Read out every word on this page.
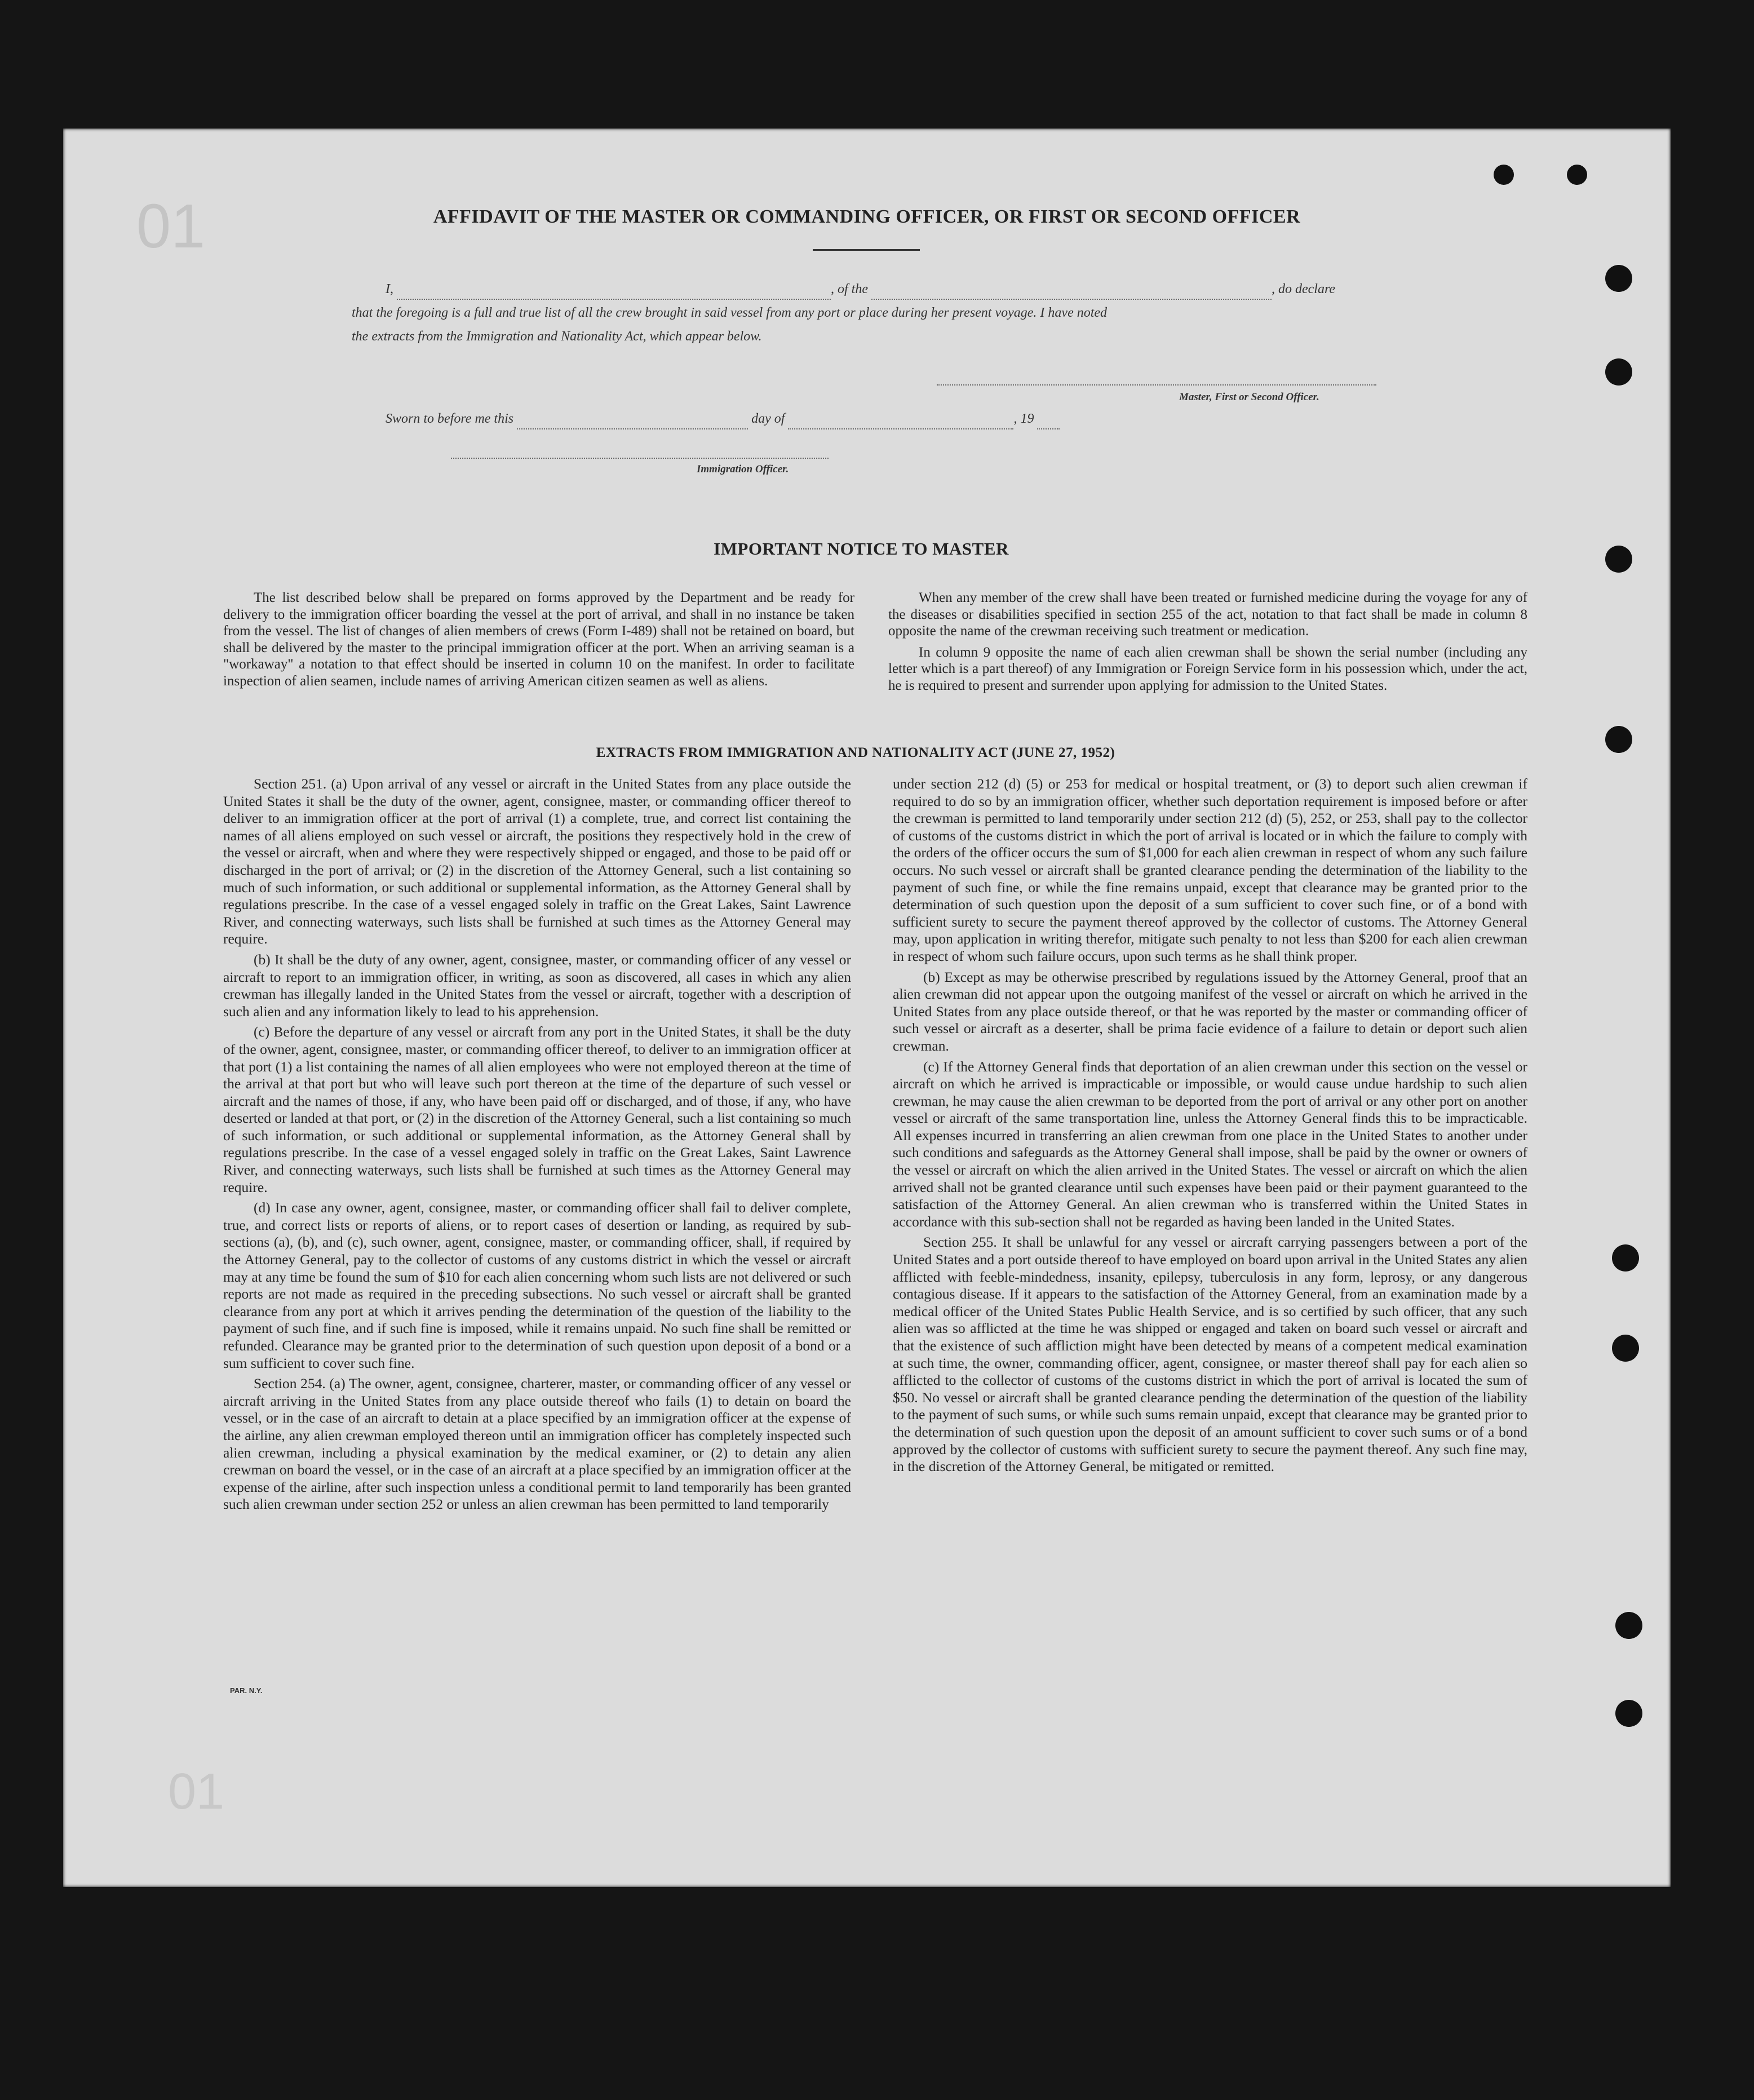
01
01
AFFIDAVIT OF THE MASTER OR COMMANDING OFFICER, OR FIRST OR SECOND OFFICER
I,	, of the	, do declare
that the foregoing is a full and true list of all the crew brought in said vessel from any port or place during her present voyage. I have noted
the extracts from the Immigration and Nationality Act, which appear below.
Master, First or Second Officer.
Sworn to before me this	day of	, 19
Immigration Officer.
IMPORTANT NOTICE TO MASTER

The list described below shall be prepared on forms approved by the Department and be ready for delivery to the immigration officer boarding the vessel at the port of arrival, and shall in no instance be taken from the vessel. The list of changes of alien members of crews (Form I-489) shall not be retained on board, but shall be delivered by the master to the principal immigration officer at the port. When an arriving seaman is a "workaway" a notation to that effect should be inserted in column 10 on the manifest. In order to facilitate inspection of alien seamen, include names of arriving American citizen seamen as well as aliens.

When any member of the crew shall have been treated or furnished medicine during the voyage for any of the diseases or disabilities specified in section 255 of the act, notation to that fact shall be made in column 8 opposite the name of the crewman receiving such treatment or medication.

In column 9 opposite the name of each alien crewman shall be shown the serial number (including any letter which is a part thereof) of any Immigration or Foreign Service form in his possession which, under the act, he is required to present and surrender upon applying for admission to the United States.

EXTRACTS FROM IMMIGRATION AND NATIONALITY ACT (JUNE 27, 1952)

Section 251. (a) Upon arrival of any vessel or aircraft in the United States from any place outside the United States it shall be the duty of the owner, agent, consignee, master, or commanding officer thereof to deliver to an immigration officer at the port of arrival (1) a complete, true, and correct list containing the names of all aliens employed on such vessel or aircraft, the positions they respectively hold in the crew of the vessel or aircraft, when and where they were respectively shipped or engaged, and those to be paid off or discharged in the port of arrival; or (2) in the discretion of the Attorney General, such a list containing so much of such information, or such additional or supplemental information, as the Attorney General shall by regulations prescribe. In the case of a vessel engaged solely in traffic on the Great Lakes, Saint Lawrence River, and connecting waterways, such lists shall be furnished at such times as the Attorney General may require.

(b) It shall be the duty of any owner, agent, consignee, master, or commanding officer of any vessel or aircraft to report to an immigration officer, in writing, as soon as discovered, all cases in which any alien crewman has illegally landed in the United States from the vessel or aircraft, together with a description of such alien and any information likely to lead to his apprehension.

(c) Before the departure of any vessel or aircraft from any port in the United States, it shall be the duty of the owner, agent, consignee, master, or commanding officer thereof, to deliver to an immigration officer at that port (1) a list containing the names of all alien employees who were not employed thereon at the time of the arrival at that port but who will leave such port thereon at the time of the departure of such vessel or aircraft and the names of those, if any, who have been paid off or discharged, and of those, if any, who have deserted or landed at that port, or (2) in the discretion of the Attorney General, such a list containing so much of such information, or such additional or supplemental information, as the Attorney General shall by regulations prescribe. In the case of a vessel engaged solely in traffic on the Great Lakes, Saint Lawrence River, and connecting waterways, such lists shall be furnished at such times as the Attorney General may require.

(d) In case any owner, agent, consignee, master, or commanding officer shall fail to deliver complete, true, and correct lists or reports of aliens, or to report cases of desertion or landing, as required by sub-sections (a), (b), and (c), such owner, agent, consignee, master, or commanding officer, shall, if required by the Attorney General, pay to the collector of customs of any customs district in which the vessel or aircraft may at any time be found the sum of $10 for each alien concerning whom such lists are not delivered or such reports are not made as required in the preceding subsections. No such vessel or aircraft shall be granted clearance from any port at which it arrives pending the determination of the question of the liability to the payment of such fine, and if such fine is imposed, while it remains unpaid. No such fine shall be remitted or refunded. Clearance may be granted prior to the determination of such question upon deposit of a bond or a sum sufficient to cover such fine.

Section 254. (a) The owner, agent, consignee, charterer, master, or commanding officer of any vessel or aircraft arriving in the United States from any place outside thereof who fails (1) to detain on board the vessel, or in the case of an aircraft to detain at a place specified by an immigration officer at the expense of the airline, any alien crewman employed thereon until an immigration officer has completely inspected such alien crewman, including a physical examination by the medical examiner, or (2) to detain any alien crewman on board the vessel, or in the case of an aircraft at a place specified by an immigration officer at the expense of the airline, after such inspection unless a conditional permit to land temporarily has been granted such alien crewman under section 252 or unless an alien crewman has been permitted to land temporarily

under section 212 (d) (5) or 253 for medical or hospital treatment, or (3) to deport such alien crewman if required to do so by an immigration officer, whether such deportation requirement is imposed before or after the crewman is permitted to land temporarily under section 212 (d) (5), 252, or 253, shall pay to the collector of customs of the customs district in which the port of arrival is located or in which the failure to comply with the orders of the officer occurs the sum of $1,000 for each alien crewman in respect of whom any such failure occurs. No such vessel or aircraft shall be granted clearance pending the determination of the liability to the payment of such fine, or while the fine remains unpaid, except that clearance may be granted prior to the determination of such question upon the deposit of a sum sufficient to cover such fine, or of a bond with sufficient surety to secure the payment thereof approved by the collector of customs. The Attorney General may, upon application in writing therefor, mitigate such penalty to not less than $200 for each alien crewman in respect of whom such failure occurs, upon such terms as he shall think proper.

(b) Except as may be otherwise prescribed by regulations issued by the Attorney General, proof that an alien crewman did not appear upon the outgoing manifest of the vessel or aircraft on which he arrived in the United States from any place outside thereof, or that he was reported by the master or commanding officer of such vessel or aircraft as a deserter, shall be prima facie evidence of a failure to detain or deport such alien crewman.

(c) If the Attorney General finds that deportation of an alien crewman under this section on the vessel or aircraft on which he arrived is impracticable or impossible, or would cause undue hardship to such alien crewman, he may cause the alien crewman to be deported from the port of arrival or any other port on another vessel or aircraft of the same transportation line, unless the Attorney General finds this to be impracticable. All expenses incurred in transferring an alien crewman from one place in the United States to another under such conditions and safeguards as the Attorney General shall impose, shall be paid by the owner or owners of the vessel or aircraft on which the alien arrived in the United States. The vessel or aircraft on which the alien arrived shall not be granted clearance until such expenses have been paid or their payment guaranteed to the satisfaction of the Attorney General. An alien crewman who is transferred within the United States in accordance with this sub-section shall not be regarded as having been landed in the United States.

Section 255. It shall be unlawful for any vessel or aircraft carrying passengers between a port of the United States and a port outside thereof to have employed on board upon arrival in the United States any alien afflicted with feeble-mindedness, insanity, epilepsy, tuberculosis in any form, leprosy, or any dangerous contagious disease. If it appears to the satisfaction of the Attorney General, from an examination made by a medical officer of the United States Public Health Service, and is so certified by such officer, that any such alien was so afflicted at the time he was shipped or engaged and taken on board such vessel or aircraft and that the existence of such affliction might have been detected by means of a competent medical examination at such time, the owner, commanding officer, agent, consignee, or master thereof shall pay for each alien so afflicted to the collector of customs of the customs district in which the port of arrival is located the sum of $50. No vessel or aircraft shall be granted clearance pending the determination of the question of the liability to the payment of such sums, or while such sums remain unpaid, except that clearance may be granted prior to the determination of such question upon the deposit of an amount sufficient to cover such sums or of a bond approved by the collector of customs with sufficient surety to secure the payment thereof. Any such fine may, in the discretion of the Attorney General, be mitigated or remitted.

PAR. N.Y.
